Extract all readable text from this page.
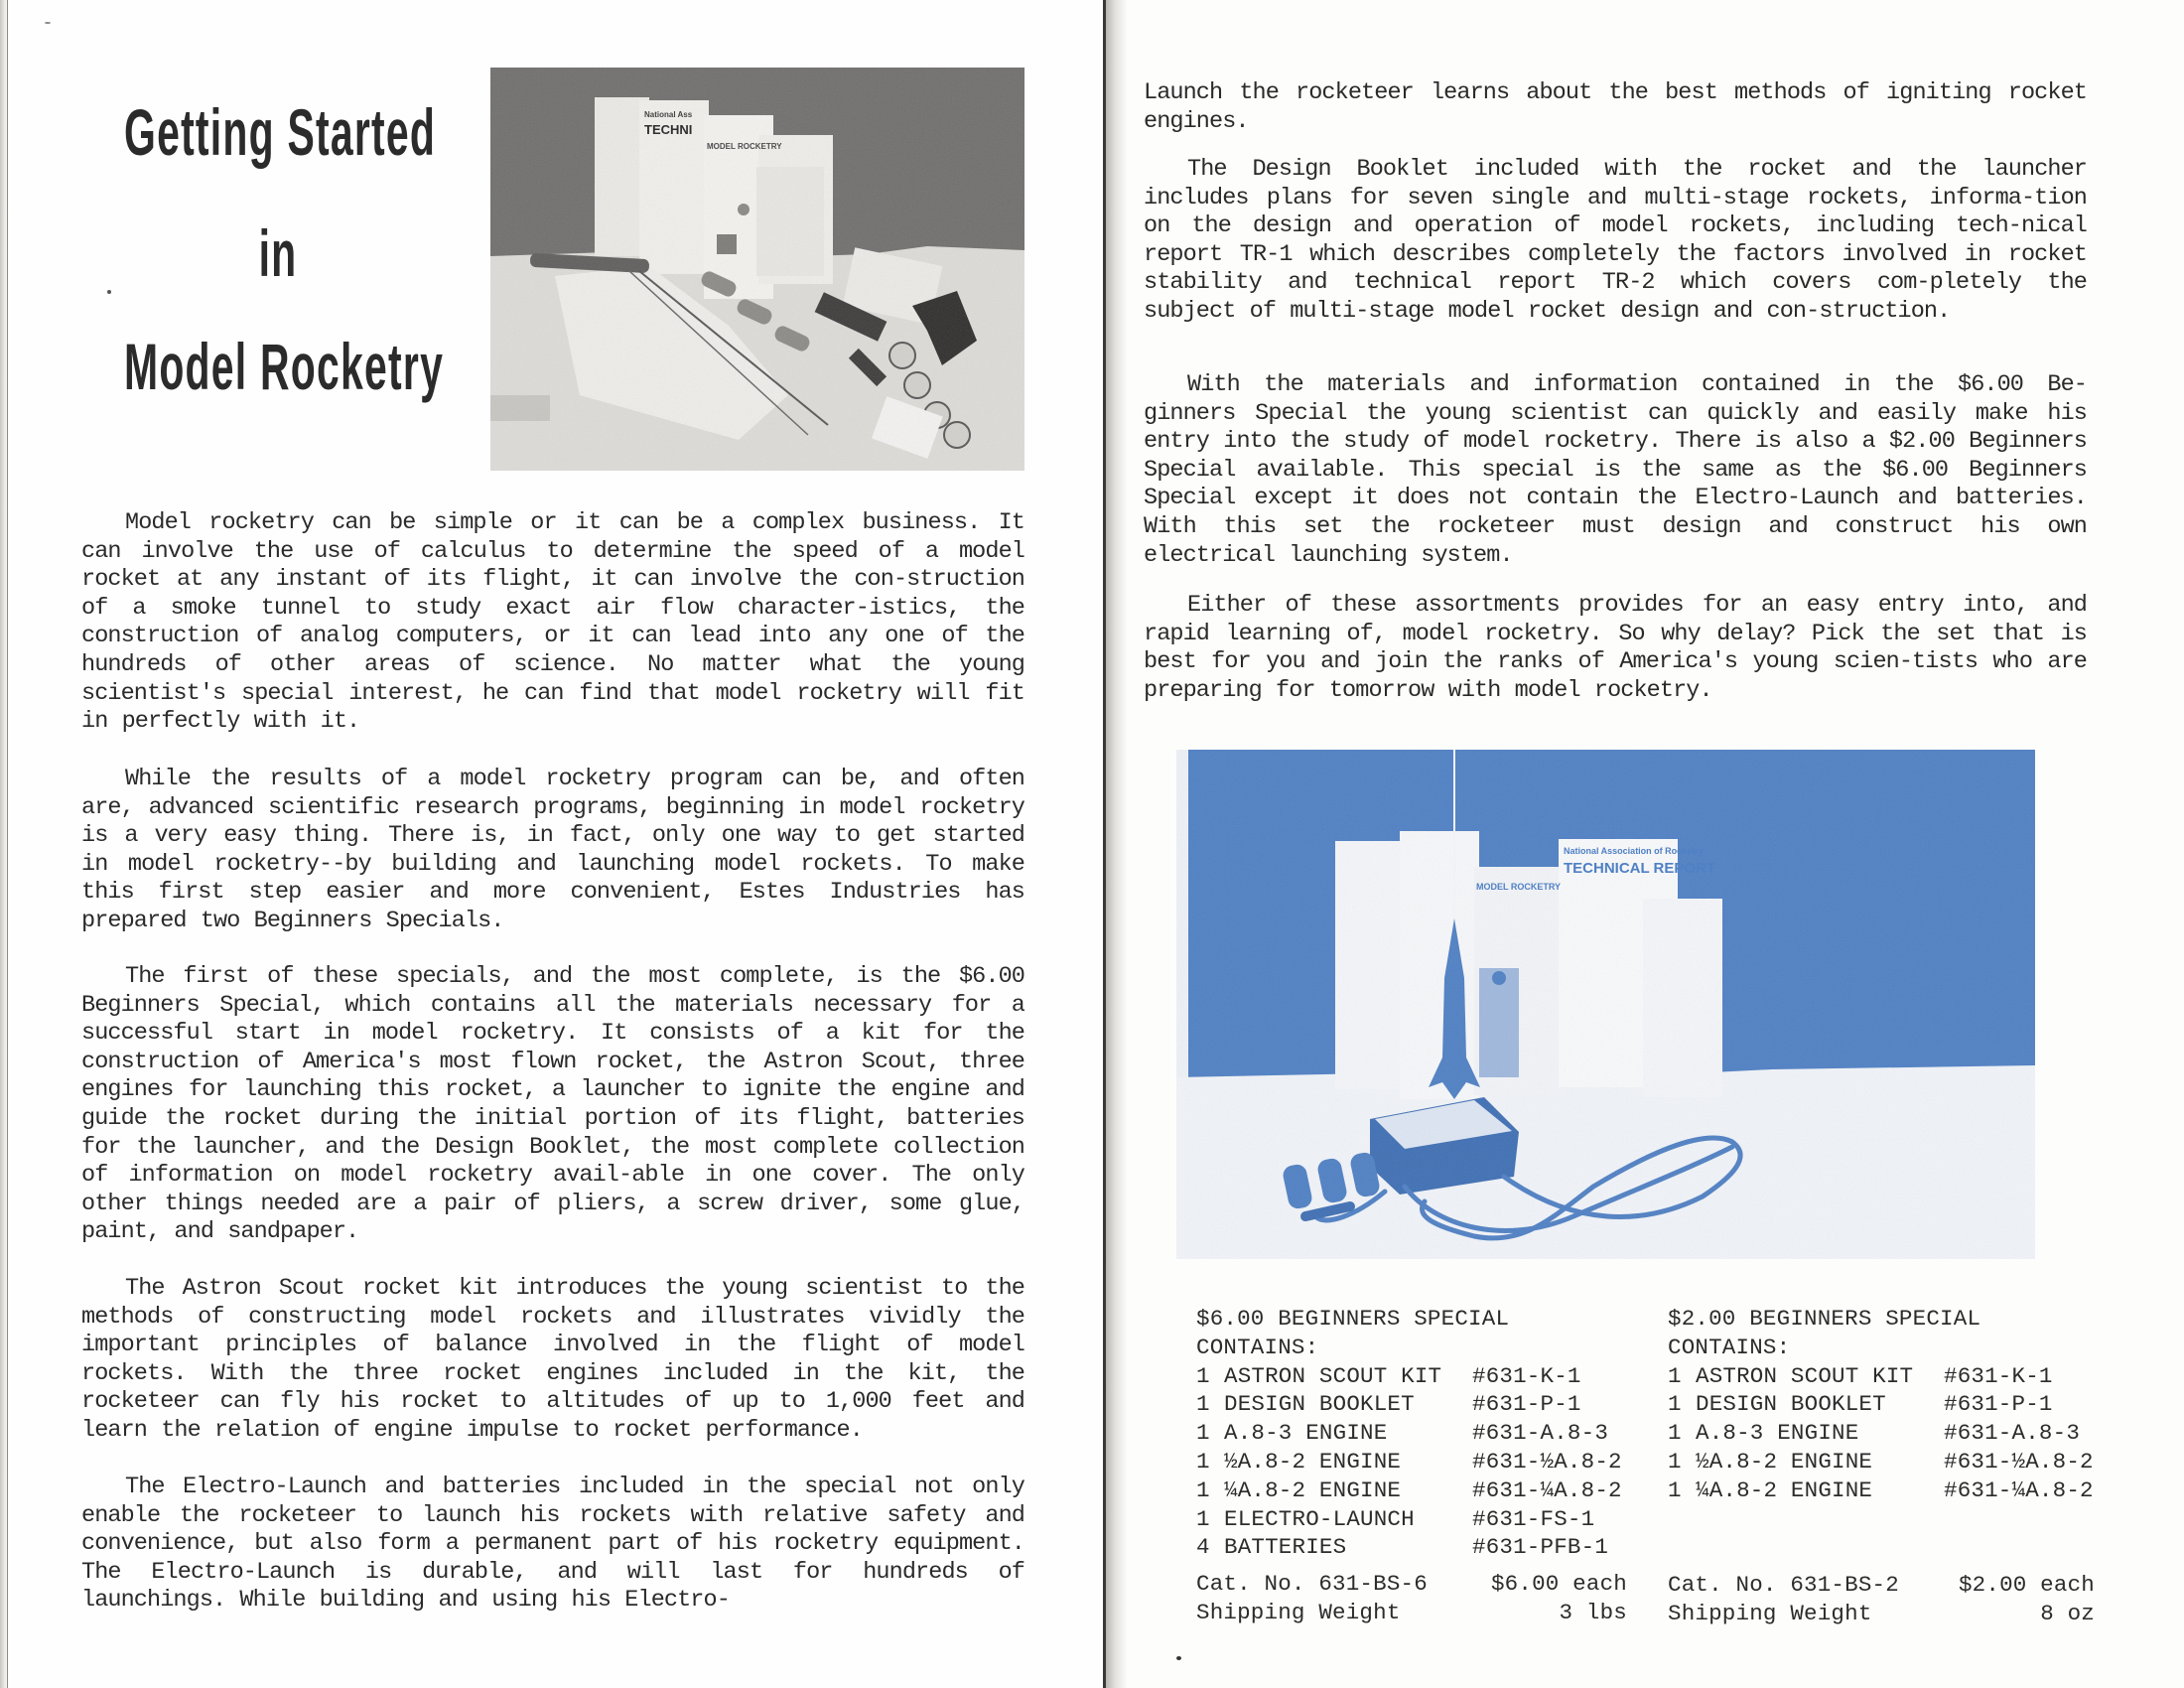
Getting Started
in
Model Rocketry
National Ass
TECHNI
MODEL ROCKETRY

Model rocketry can be simple or it can be a complex business. It can involve the use of calculus to determine the speed of a model rocket at any instant of its flight, it can involve the con-struction of a smoke tunnel to study exact air flow character-istics, the construction of analog computers, or it can lead into any one of the hundreds of other areas of science. No matter what the young scientist's special interest, he can find that model rocketry will fit in perfectly with it.

While the results of a model rocketry program can be, and often are, advanced scientific research programs, beginning in model rocketry is a very easy thing. There is, in fact, only one way to get started in model rocketry--by building and launching model rockets. To make this first step easier and more convenient, Estes Industries has prepared two Beginners Specials.

The first of these specials, and the most complete, is the $6.00 Beginners Special, which contains all the materials necessary for a successful start in model rocketry. It consists of a kit for the construction of America's most flown rocket, the Astron Scout, three engines for launching this rocket, a launcher to ignite the engine and guide the rocket during the initial portion of its flight, batteries for the launcher, and the Design Booklet, the most complete collection of information on model rocketry avail-able in one cover. The only other things needed are a pair of pliers, a screw driver, some glue, paint, and sandpaper.

The Astron Scout rocket kit introduces the young scientist to the methods of constructing model rockets and illustrates vividly the important principles of balance involved in the flight of model rockets. With the three rocket engines included in the kit, the rocketeer can fly his rocket to altitudes of up to 1,000 feet and learn the relation of engine impulse to rocket performance.

The Electro-Launch and batteries included in the special not only enable the rocketeer to launch his rockets with relative safety and convenience, but also form a permanent part of his rocketry equipment. The Electro-Launch is durable, and will last for hundreds of launchings. While building and using his Electro-

Launch the rocketeer learns about the best methods of igniting rocket engines.

The Design Booklet included with the rocket and the launcher includes plans for seven single and multi-stage rockets, informa-tion on the design and operation of model rockets, including tech-nical report TR-1 which describes completely the factors involved in rocket stability and technical report TR-2 which covers com-pletely the subject of multi-stage model rocket design and con-struction.

With the materials and information contained in the $6.00 Be-ginners Special the young scientist can quickly and easily make his entry into the study of model rocketry. There is also a $2.00 Beginners Special available. This special is the same as the $6.00 Beginners Special except it does not contain the Electro-Launch and batteries. With this set the rocketeer must design and construct his own electrical launching system.

Either of these assortments provides for an easy entry into, and rapid learning of, model rocketry. So why delay? Pick the set that is best for you and join the ranks of America's young scien-tists who are preparing for tomorrow with model rocketry.

National Association of Rocketry
TECHNICAL REPORT
MODEL ROCKETRY
$6.00 BEGINNERS SPECIAL
CONTAINS:
1 ASTRON SCOUT KIT	#631-K-1
1 DESIGN BOOKLET	#631-P-1
1 A.8-3 ENGINE	#631-A.8-3
1 ½A.8-2 ENGINE	#631-½A.8-2
1 ¼A.8-2 ENGINE	#631-¼A.8-2
1 ELECTRO-LAUNCH	#631-FS-1
4 BATTERIES	#631-PFB-1
Cat. No. 631-BS-6	$6.00 each
Shipping Weight	3 lbs
$2.00 BEGINNERS SPECIAL
CONTAINS:
1 ASTRON SCOUT KIT	#631-K-1
1 DESIGN BOOKLET	#631-P-1
1 A.8-3 ENGINE	#631-A.8-3
1 ½A.8-2 ENGINE	#631-½A.8-2
1 ¼A.8-2 ENGINE	#631-¼A.8-2
Cat. No. 631-BS-2	$2.00 each
Shipping Weight	8 oz
